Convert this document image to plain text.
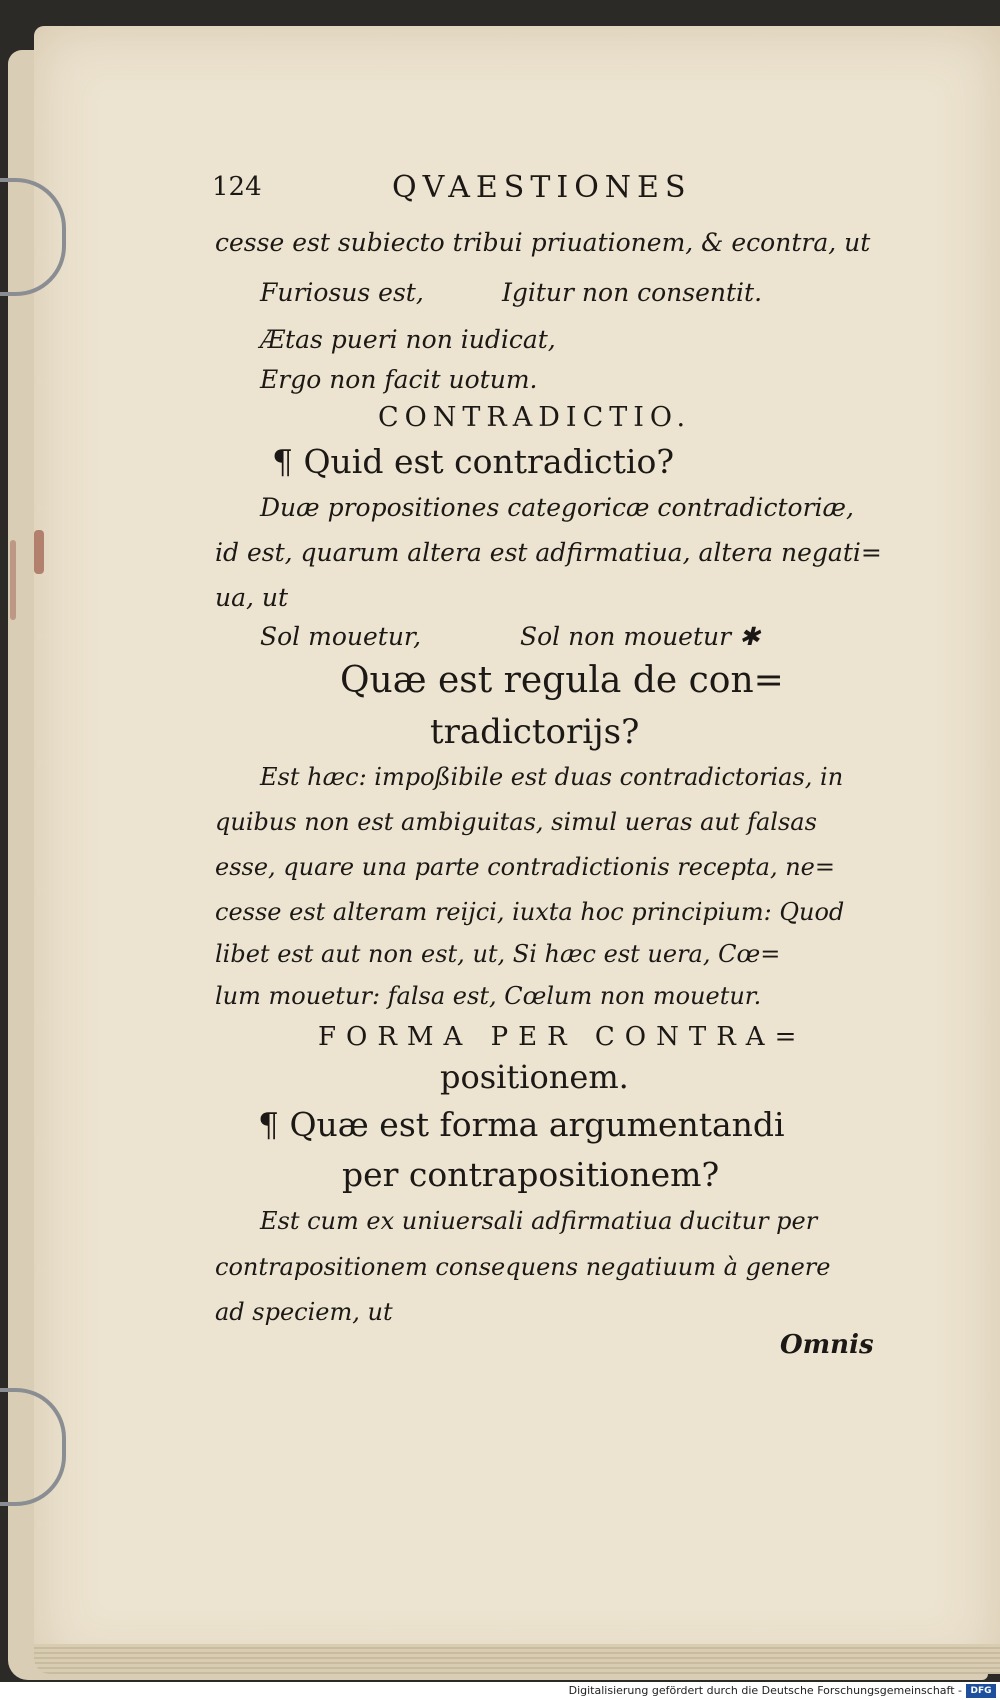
124	QVAESTIONES
cesse est subiecto tribui priuationem, & econtra, ut
Furiosus est,	Igitur non consentit.
Ætas pueri non iudicat,
Ergo non facit uotum.
CONTRADICTIO.
¶ Quid est contradictio?
Duæ propositiones categoricæ contradictoriæ,
id est, quarum altera est adfirmatiua, altera negati=
ua, ut
Sol mouetur,	Sol non mouetur ✱
Quæ est regula de con=
tradictorijs?
Est hæc: impoßibile est duas contradictorias, in
quibus non est ambiguitas, simul ueras aut falsas
esse, quare una parte contradictionis recepta, ne=
cesse est alteram reijci, iuxta hoc principium: Quod
libet est aut non est, ut, Si hæc est uera, Cœ=
lum mouetur: falsa est, Cœlum non mouetur.
FORMA PER CONTRA=
positionem.
¶ Quæ est forma argumentandi
per contrapositionem?
Est cum ex uniuersali adfirmatiua ducitur per
contrapositionem consequens negatiuum à genere
ad speciem, ut
Omnis
Digitalisierung gefördert durch die Deutsche Forschungsgemeinschaft - DFG
